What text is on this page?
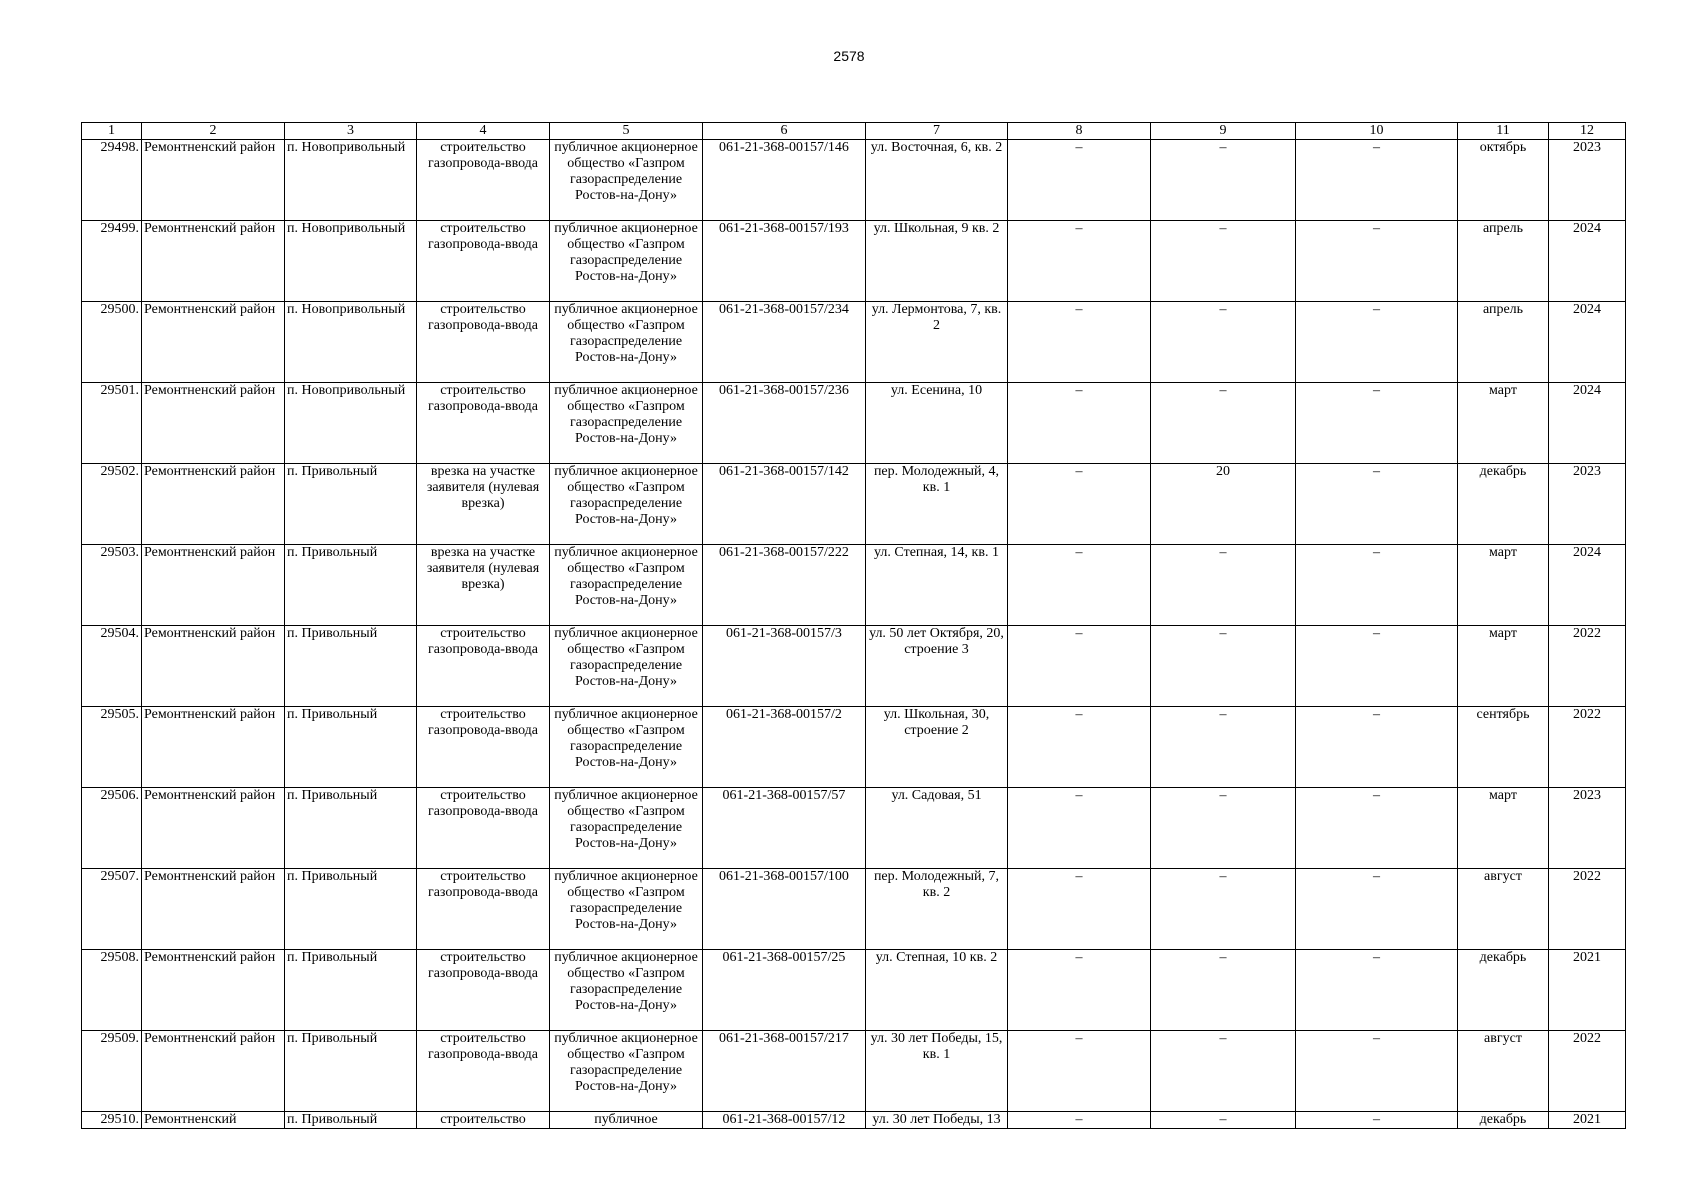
2578
1	2	3	4	5	6	7	8	9	10	11	12

29498.	Ремонтненский район	п. Новопривольный	строительство газопровода-ввода	публичное акционерное общество «Газпром газораспределение Ростов-на-Дону»	061-21-368-00157/146	ул. Восточная, 6, кв. 2	–	–	–	октябрь	2023

29499.	Ремонтненский район	п. Новопривольный	строительство газопровода-ввода	публичное акционерное общество «Газпром газораспределение Ростов-на-Дону»	061-21-368-00157/193	ул. Школьная, 9 кв. 2	–	–	–	апрель	2024

29500.	Ремонтненский район	п. Новопривольный	строительство газопровода-ввода	публичное акционерное общество «Газпром газораспределение Ростов-на-Дону»	061-21-368-00157/234	ул. Лермонтова, 7, кв. 2	–	–	–	апрель	2024

29501.	Ремонтненский район	п. Новопривольный	строительство газопровода-ввода	публичное акционерное общество «Газпром газораспределение Ростов-на-Дону»	061-21-368-00157/236	ул. Есенина, 10	–	–	–	март	2024

29502.	Ремонтненский район	п. Привольный	врезка на участке заявителя (нулевая врезка)	публичное акционерное общество «Газпром газораспределение Ростов-на-Дону»	061-21-368-00157/142	пер. Молодежный, 4, кв. 1	–	20	–	декабрь	2023

29503.	Ремонтненский район	п. Привольный	врезка на участке заявителя (нулевая врезка)	публичное акционерное общество «Газпром газораспределение Ростов-на-Дону»	061-21-368-00157/222	ул. Степная, 14, кв. 1	–	–	–	март	2024

29504.	Ремонтненский район	п. Привольный	строительство газопровода-ввода	публичное акционерное общество «Газпром газораспределение Ростов-на-Дону»	061-21-368-00157/3	ул. 50 лет Октября, 20, строение 3	–	–	–	март	2022

29505.	Ремонтненский район	п. Привольный	строительство газопровода-ввода	публичное акционерное общество «Газпром газораспределение Ростов-на-Дону»	061-21-368-00157/2	ул. Школьная, 30, строение 2	–	–	–	сентябрь	2022

29506.	Ремонтненский район	п. Привольный	строительство газопровода-ввода	публичное акционерное общество «Газпром газораспределение Ростов-на-Дону»	061-21-368-00157/57	ул. Садовая, 51	–	–	–	март	2023

29507.	Ремонтненский район	п. Привольный	строительство газопровода-ввода	публичное акционерное общество «Газпром газораспределение Ростов-на-Дону»	061-21-368-00157/100	пер. Молодежный, 7, кв. 2	–	–	–	август	2022

29508.	Ремонтненский район	п. Привольный	строительство газопровода-ввода	публичное акционерное общество «Газпром газораспределение Ростов-на-Дону»	061-21-368-00157/25	ул. Степная, 10 кв. 2	–	–	–	декабрь	2021

29509.	Ремонтненский район	п. Привольный	строительство газопровода-ввода	публичное акционерное общество «Газпром газораспределение Ростов-на-Дону»	061-21-368-00157/217	ул. 30 лет Победы, 15, кв. 1	–	–	–	август	2022

29510.	Ремонтненский	п. Привольный	строительство	публичное	061-21-368-00157/12	ул. 30 лет Победы, 13	–	–	–	декабрь	2021
